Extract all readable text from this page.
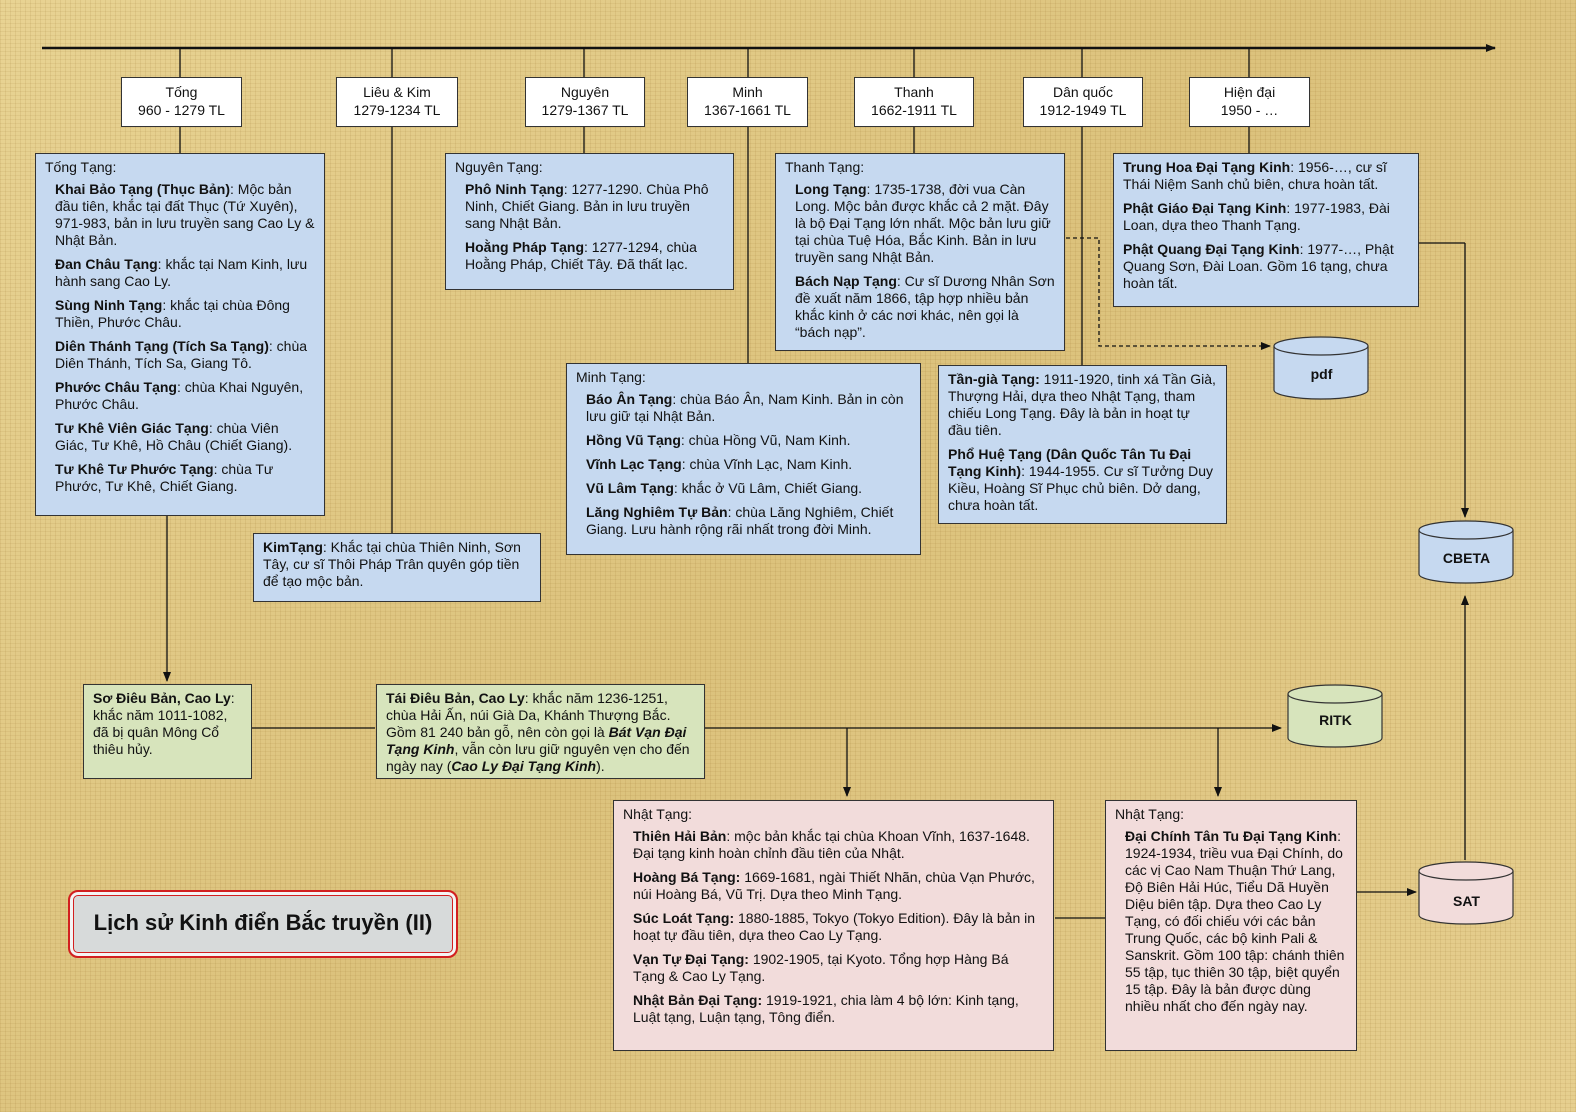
Tống
960 - 1279 TL
Liêu & Kim
1279-1234 TL
Nguyên
1279-1367 TL
Minh
1367-1661 TL
Thanh
1662-1911 TL
Dân quốc
1912-1949 TL
Hiện đại
1950 - …
Tống Tạng:
Khai Bảo Tạng (Thục Bản): Mộc bản đầu tiên, khắc tại đất Thục (Tứ Xuyên), 971-983, bản in lưu truyền sang Cao Ly & Nhật Bản.
Đan Châu Tạng: khắc tại Nam Kinh, lưu hành sang Cao Ly.
Sùng Ninh Tạng: khắc tại chùa Đông Thiền, Phước Châu.
Diên Thánh Tạng (Tích Sa Tạng): chùa Diên Thánh, Tích Sa, Giang Tô.
Phước Châu Tạng: chùa Khai Nguyên, Phước Châu.
Tư Khê Viên Giác Tạng: chùa Viên Giác, Tư Khê, Hồ Châu (Chiết Giang).
Tư Khê Tư Phước Tạng: chùa Tư Phước, Tư Khê, Chiết Giang.
KimTạng: Khắc tại chùa Thiên Ninh, Sơn Tây, cư sĩ Thôi Pháp Trân quyên góp tiền để tạo mộc bản.
Nguyên Tạng:
Phô Ninh Tạng: 1277-1290. Chùa Phô Ninh, Chiết Giang. Bản in lưu truyền sang Nhật Bản.
Hoằng Pháp Tạng: 1277-1294, chùa Hoằng Pháp, Chiết Tây. Đã thất lạc.
Minh Tạng:
Báo Ân Tạng: chùa Báo Ân, Nam Kinh. Bản in còn lưu giữ tại Nhật Bản.
Hồng Vũ Tạng: chùa Hồng Vũ, Nam Kinh.
Vĩnh Lạc Tạng: chùa Vĩnh Lạc, Nam Kinh.
Vũ Lâm Tạng: khắc ở Vũ Lâm, Chiết Giang.
Lăng Nghiêm Tự Bản: chùa Lăng Nghiêm, Chiết Giang. Lưu hành rộng rãi nhất trong đời Minh.
Thanh Tạng:
Long Tạng: 1735-1738, đời vua Càn Long. Mộc bản được khắc cả 2 mặt. Đây là bộ Đại Tạng lớn nhất. Mộc bản lưu giữ tại chùa Tuệ Hóa, Bắc Kinh. Bản in lưu truyền sang Nhật Bản.
Bách Nạp Tạng: Cư sĩ Dương Nhân Sơn đề xuất năm 1866, tập hợp nhiều bản khắc kinh ở các nơi khác, nên gọi là “bách nạp”.
Tần-già Tạng: 1911-1920, tinh xá Tần Già, Thượng Hải, dựa theo Nhật Tạng, tham chiếu Long Tạng. Đây là bản in hoạt tự đầu tiên.
Phổ Huệ Tạng (Dân Quốc Tân Tu Đại Tạng Kinh): 1944-1955. Cư sĩ Tưởng Duy Kiều, Hoàng Sĩ Phục chủ biên. Dở dang, chưa hoàn tất.
Trung Hoa Đại Tạng Kinh: 1956-…, cư sĩ Thái Niệm Sanh chủ biên, chưa hoàn tất.
Phật Giáo Đại Tạng Kinh: 1977-1983, Đài Loan, dựa theo Thanh Tạng.
Phật Quang Đại Tạng Kinh: 1977-…, Phật Quang Sơn, Đài Loan. Gồm 16 tạng, chưa hoàn tất.
Sơ Điêu Bản, Cao Ly: khắc năm 1011-1082, đã bị quân Mông Cổ thiêu hủy.
Tái Điêu Bản, Cao Ly: khắc năm 1236-1251, chùa Hải Ấn, núi Già Da, Khánh Thượng Bắc. Gồm 81 240 bản gỗ, nên còn gọi là Bát Vạn Đại Tạng Kinh, vẫn còn lưu giữ nguyên vẹn cho đến ngày nay (Cao Ly Đại Tạng Kinh).
Nhật Tạng:
Thiên Hải Bản: mộc bản khắc tại chùa Khoan Vĩnh, 1637-1648. Đại tạng kinh hoàn chỉnh đầu tiên của Nhật.
Hoàng Bá Tạng: 1669-1681, ngài Thiết Nhãn, chùa Vạn Phước, núi Hoàng Bá, Vũ Trị. Dựa theo Minh Tạng.
Súc Loát Tạng: 1880-1885, Tokyo (Tokyo Edition). Đây là bản in hoạt tự đầu tiên, dựa theo Cao Ly Tạng.
Vạn Tự Đại Tạng: 1902-1905, tại Kyoto. Tổng hợp Hàng Bá Tạng & Cao Ly Tạng.
Nhật Bản Đại Tạng: 1919-1921, chia làm 4 bộ lớn: Kinh tạng, Luật tạng, Luận tạng, Tông điển.
Nhật Tạng:
Đại Chính Tân Tu Đại Tạng Kinh: 1924-1934, triều vua Đại Chính, do các vị Cao Nam Thuận Thứ Lang, Độ Biên Hải Húc, Tiểu Dã Huyền Diệu biên tập. Dựa theo Cao Ly Tạng, có đối chiếu với các bản Trung Quốc, các bộ kinh Pali & Sanskrit. Gồm 100 tập: chánh thiên 55 tập, tục thiên 30 tập, biệt quyển 15 tập. Đây là bản được dùng nhiều nhất cho đến ngày nay.
pdf
CBETA
RITK
SAT
Lịch sử Kinh điển Bắc truyền (II)
